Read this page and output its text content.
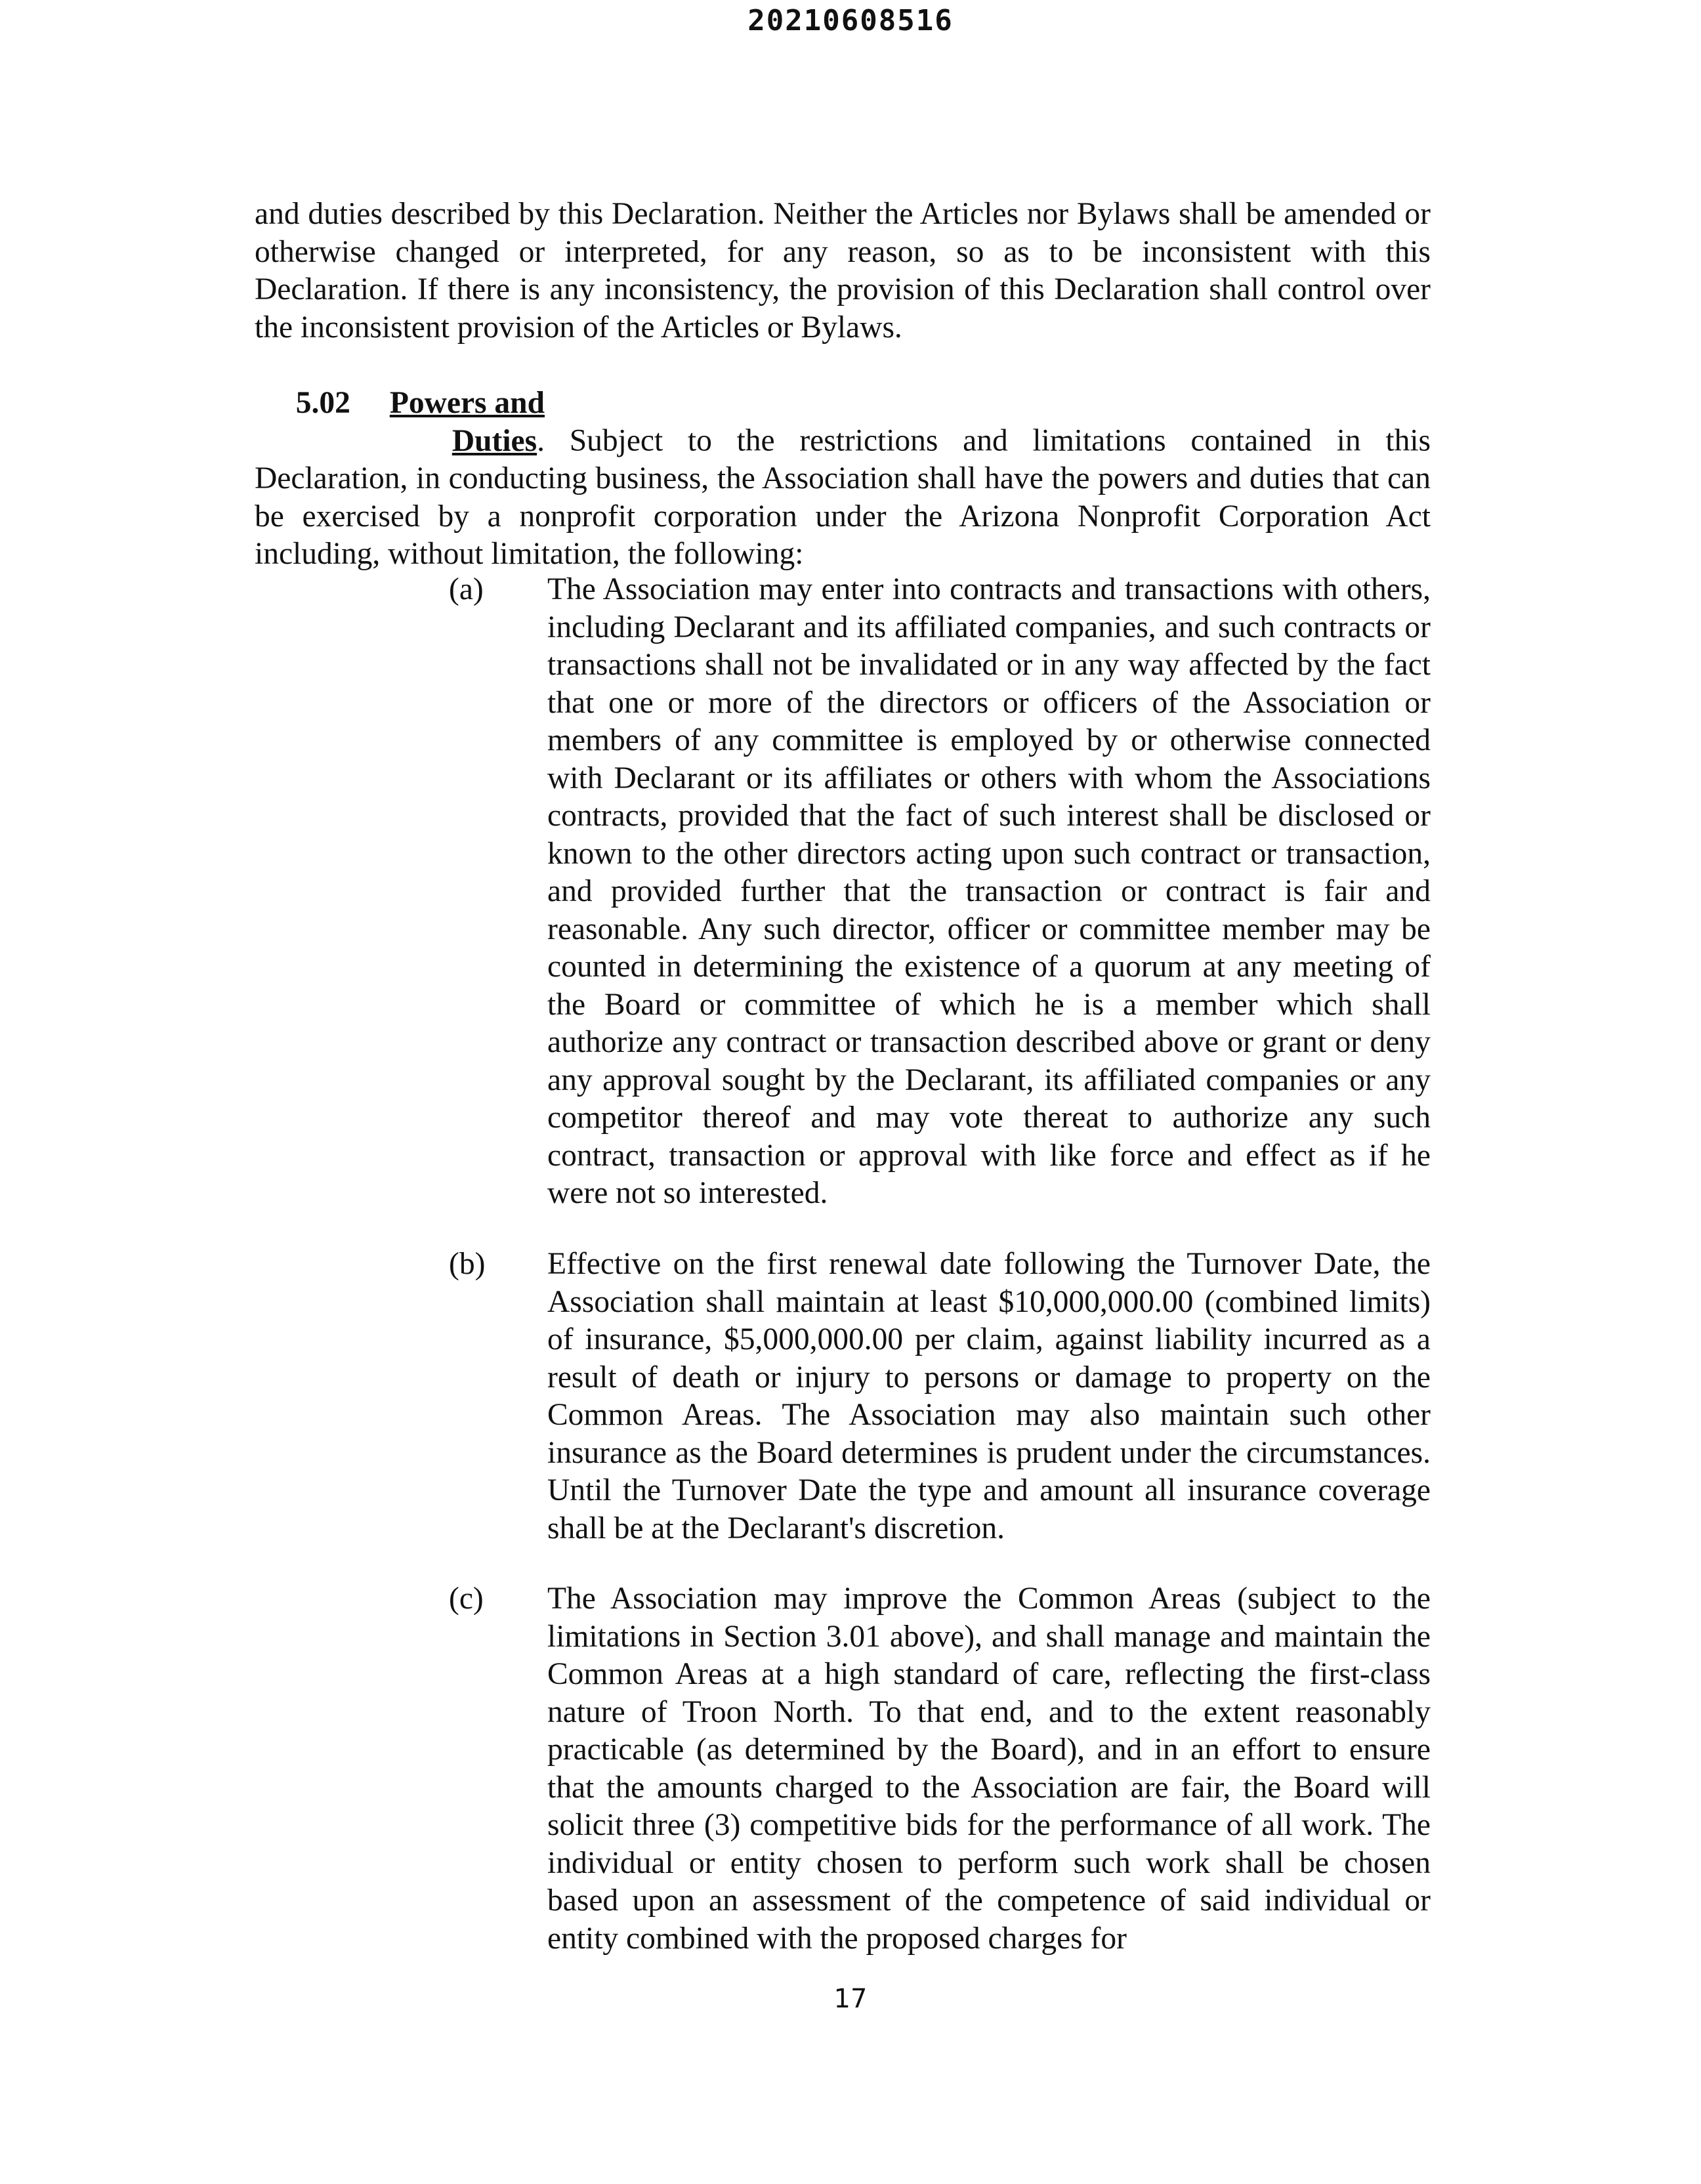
20210608516

and duties described by this Declaration. Neither the Articles nor Bylaws shall be amended or otherwise changed or interpreted, for any reason, so as to be inconsistent with this Declaration. If there is any inconsistency, the provision of this Declaration shall control over the inconsistent provision of the Articles or Bylaws.

5.02 Powers and Duties. Subject to the restrictions and limitations contained in this Declaration, in conducting business, the Association shall have the powers and duties that can be exercised by a nonprofit corporation under the Arizona Nonprofit Corporation Act including, without limitation, the following:

(a) The Association may enter into contracts and transactions with others, including Declarant and its affiliated companies, and such contracts or transactions shall not be invalidated or in any way affected by the fact that one or more of the directors or officers of the Association or members of any committee is employed by or otherwise connected with Declarant or its affiliates or others with whom the Associations contracts, provided that the fact of such interest shall be disclosed or known to the other directors acting upon such contract or transaction, and provided further that the transaction or contract is fair and reasonable. Any such director, officer or committee member may be counted in determining the existence of a quorum at any meeting of the Board or committee of which he is a member which shall authorize any contract or transaction described above or grant or deny any approval sought by the Declarant, its affiliated companies or any competitor thereof and may vote thereat to authorize any such contract, transaction or approval with like force and effect as if he were not so interested.

(b) Effective on the first renewal date following the Turnover Date, the Association shall maintain at least $10,000,000.00 (combined limits) of insurance, $5,000,000.00 per claim, against liability incurred as a result of death or injury to persons or damage to property on the Common Areas. The Association may also maintain such other insurance as the Board determines is prudent under the circumstances. Until the Turnover Date the type and amount all insurance coverage shall be at the Declarant's discretion.

(c) The Association may improve the Common Areas (subject to the limitations in Section 3.01 above), and shall manage and maintain the Common Areas at a high standard of care, reflecting the first-class nature of Troon North. To that end, and to the extent reasonably practicable (as determined by the Board), and in an effort to ensure that the amounts charged to the Association are fair, the Board will solicit three (3) competitive bids for the performance of all work. The individual or entity chosen to perform such work shall be chosen based upon an assessment of the competence of said individual or entity combined with the proposed charges for

17
